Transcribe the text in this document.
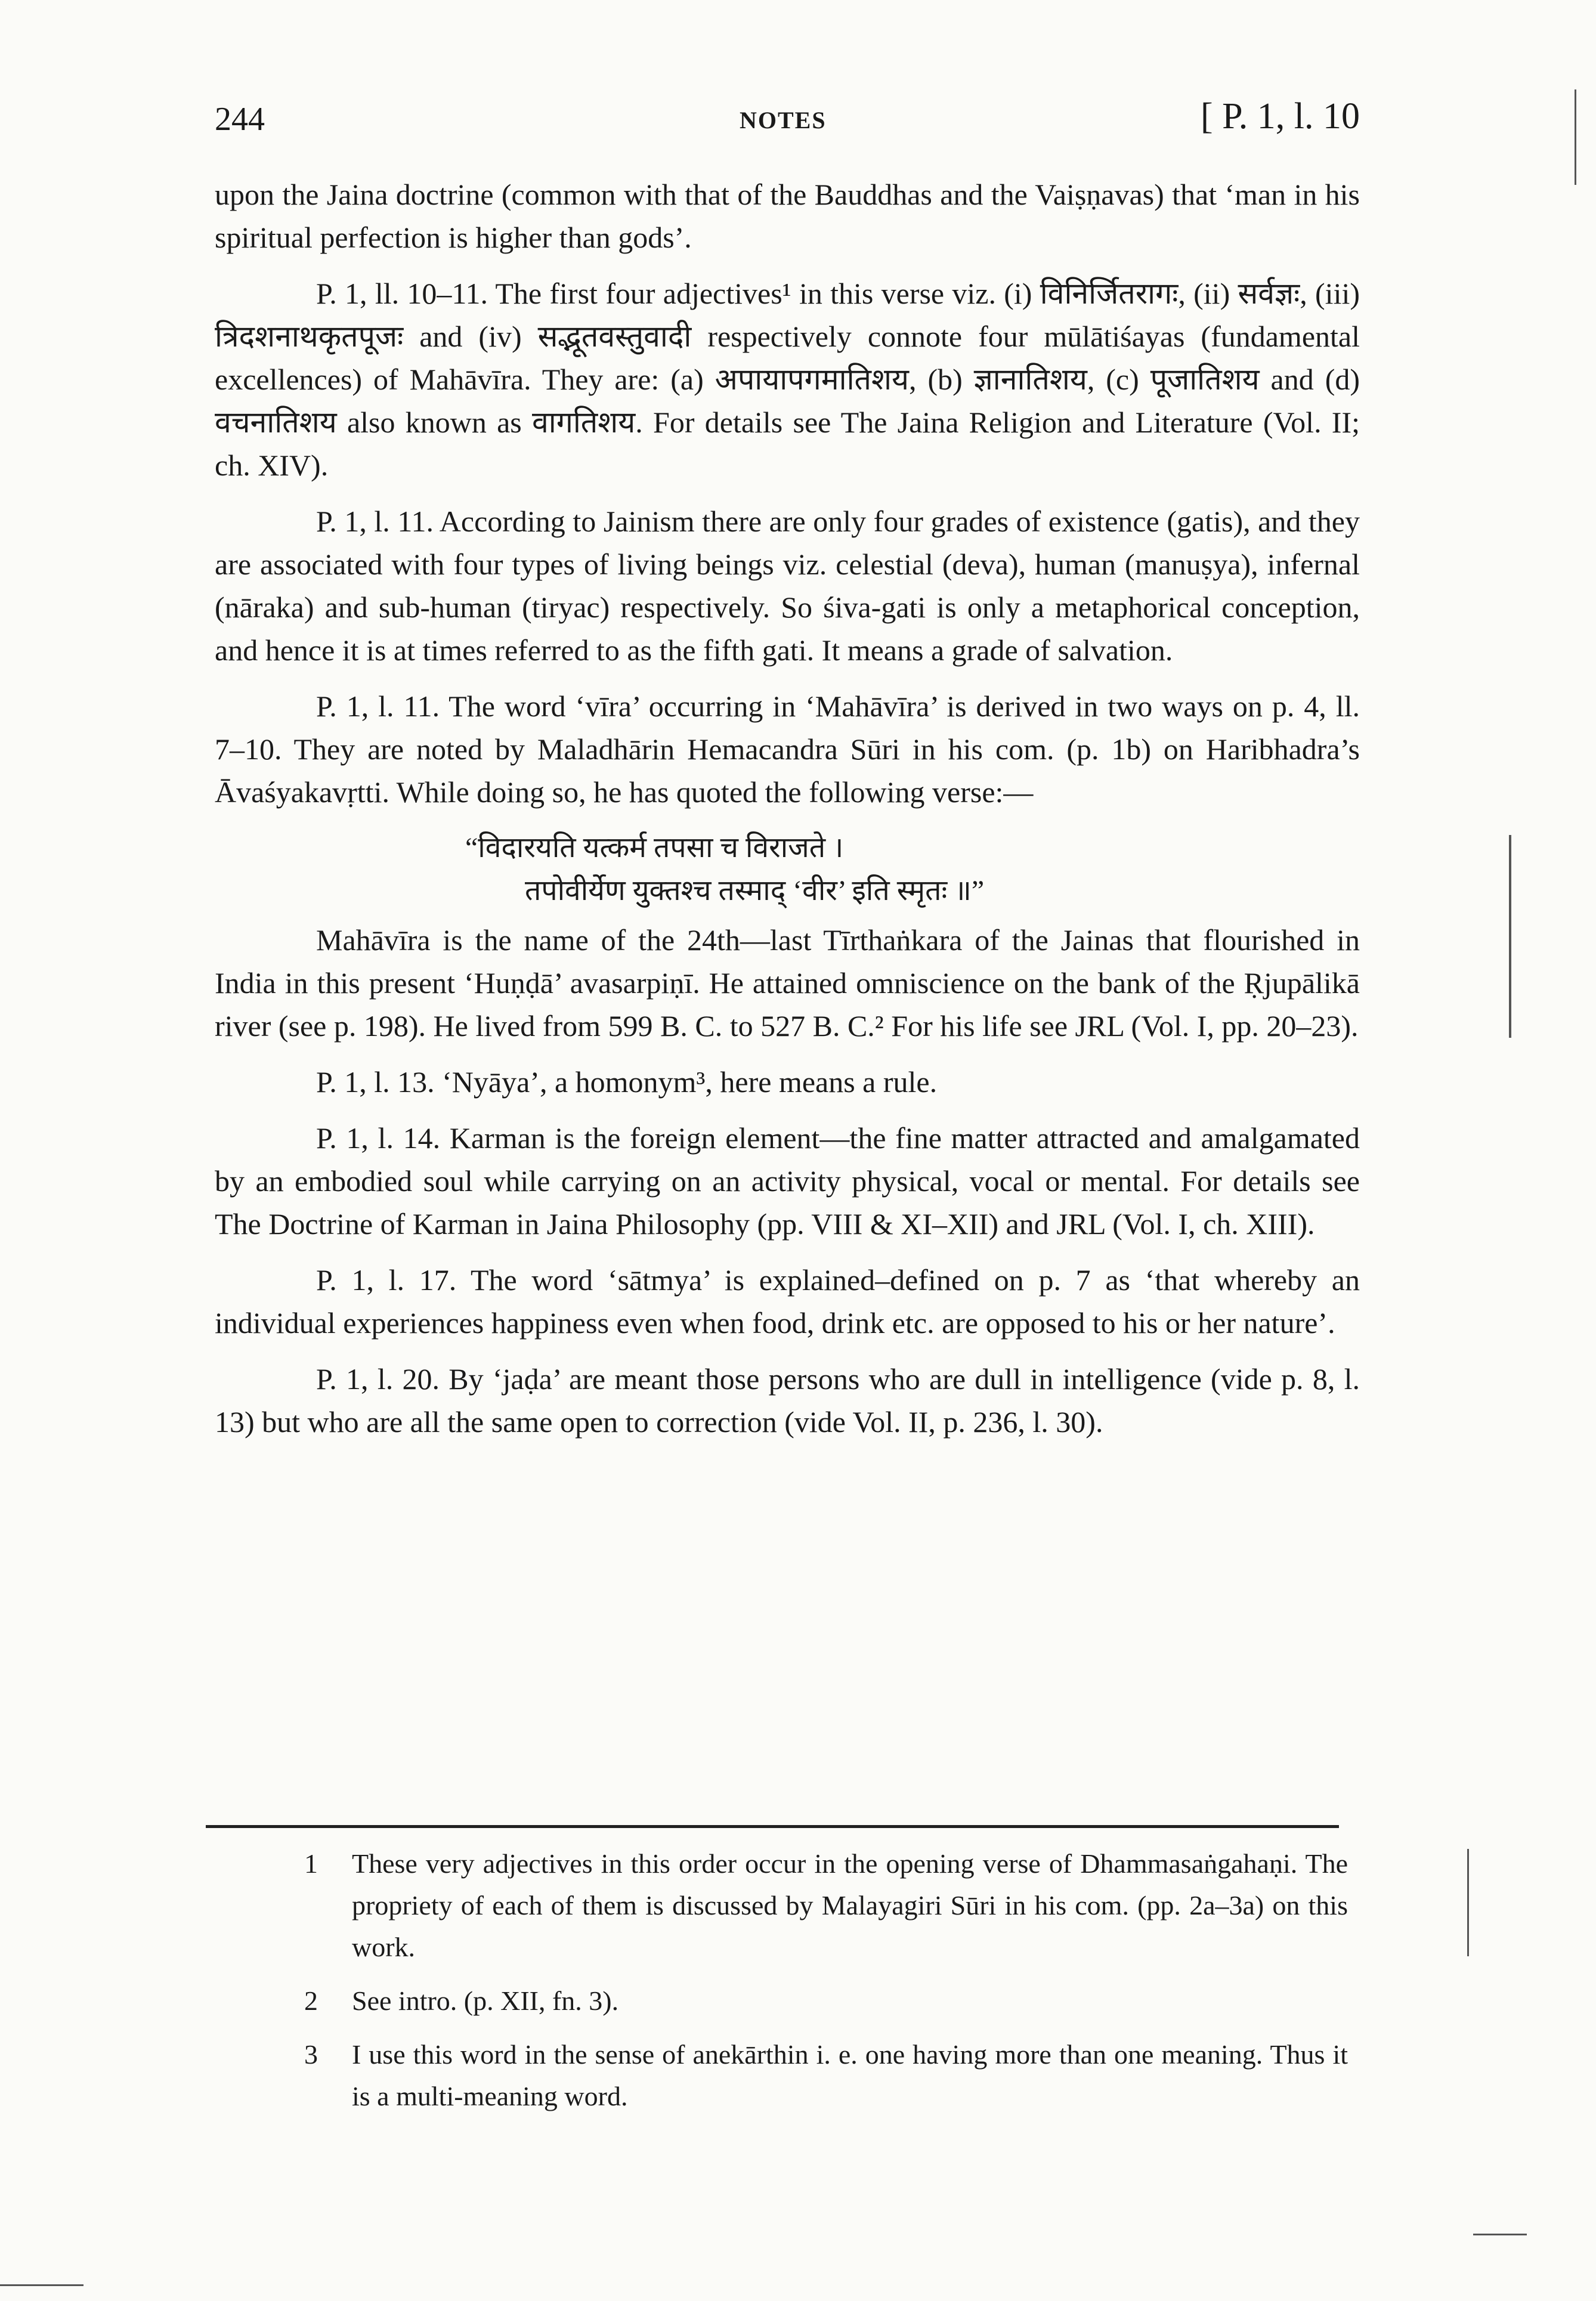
244	NOTES	[ P. 1, l. 10

upon the Jaina doctrine (common with that of the Bauddhas and the Vaiṣṇavas) that ‘man in his spiritual perfection is higher than gods’.

P. 1, ll. 10–11. The first four adjectives¹ in this verse viz. (i) विनिर्जितरागः, (ii) सर्वज्ञः, (iii) त्रिदशनाथकृतपूजः and (iv) सद्भूतवस्तुवादी respectively connote four mūlātiśayas (fundamental excellences) of Mahāvīra. They are: (a) अपायापगमातिशय, (b) ज्ञानातिशय, (c) पूजातिशय and (d) वचनातिशय also known as वागतिशय. For details see The Jaina Religion and Literature (Vol. II; ch. XIV).

P. 1, l. 11. According to Jainism there are only four grades of existence (gatis), and they are associated with four types of living beings viz. celestial (deva), human (manuṣya), infernal (nāraka) and sub-human (tiryac) respectively. So śiva-gati is only a metaphorical conception, and hence it is at times referred to as the fifth gati. It means a grade of salvation.

P. 1, l. 11. The word ‘vīra’ occurring in ‘Mahāvīra’ is derived in two ways on p. 4, ll. 7–10. They are noted by Maladhārin Hemacandra Sūri in his com. (p. 1b) on Haribhadra’s Āvaśyakavṛtti. While doing so, he has quoted the following verse:—

“विदारयति यत्कर्म तपसा च विराजते ।
तपोवीर्येण युक्तश्च तस्माद् ‘वीर’ इति स्मृतः ॥”

Mahāvīra is the name of the 24th—last Tīrthaṅkara of the Jainas that flourished in India in this present ‘Huṇḍā’ avasarpiṇī. He attained omniscience on the bank of the Ṛjupālikā river (see p. 198). He lived from 599 B. C. to 527 B. C.² For his life see JRL (Vol. I, pp. 20–23).

P. 1, l. 13. ‘Nyāya’, a homonym³, here means a rule.

P. 1, l. 14. Karman is the foreign element—the fine matter attracted and amalgamated by an embodied soul while carrying on an activity physical, vocal or mental. For details see The Doctrine of Karman in Jaina Philosophy (pp. VIII & XI–XII) and JRL (Vol. I, ch. XIII).

P. 1, l. 17. The word ‘sātmya’ is explained–defined on p. 7 as ‘that whereby an individual experiences happiness even when food, drink etc. are opposed to his or her nature’.

P. 1, l. 20. By ‘jaḍa’ are meant those persons who are dull in intelligence (vide p. 8, l. 13) but who are all the same open to correction (vide Vol. II, p. 236, l. 30).

1 These very adjectives in this order occur in the opening verse of Dhammasaṅgahaṇi. The propriety of each of them is discussed by Malayagiri Sūri in his com. (pp. 2a–3a) on this work.
2 See intro. (p. XII, fn. 3).
3 I use this word in the sense of anekārthin i. e. one having more than one meaning. Thus it is a multi-meaning word.
